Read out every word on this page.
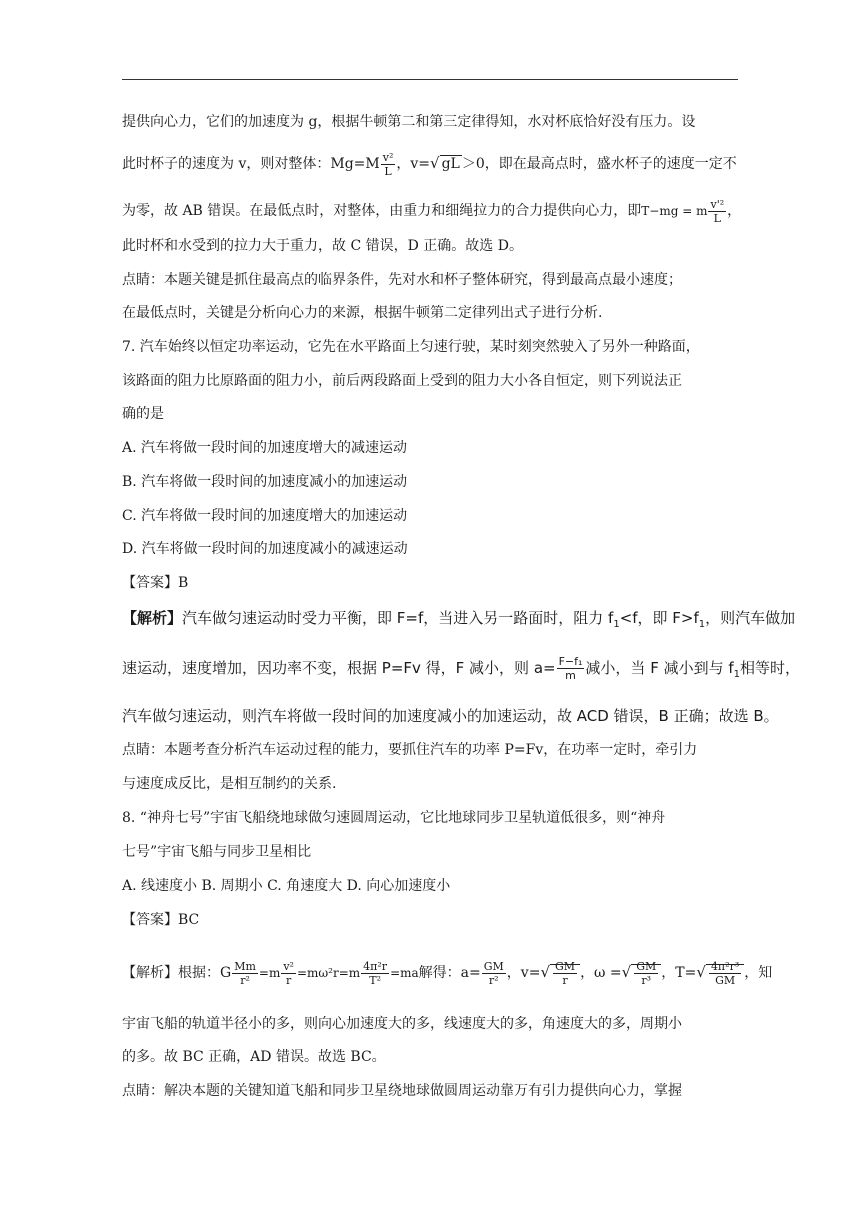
提供向心力，它们的加速度为 g，根据牛顿第二和第三定律得知，水对杯底恰好没有压力。设
此时杯子的速度为 v，则对整体：$Mg=M \frac{\text{v²}}{L}$ ，v=√ gL ＞0，即在最高点时，盛水杯子的速度一定不
为零，故 AB 错误。在最低点时，对整体，由重力和细绳拉力的合力提供向心力，即T−mg = m $\frac{\text{v'²}}{L}$ ，
此时杯和水受到的拉力大于重力，故 C 错误，D 正确。故选 D。
点睛：本题关键是抓住最高点的临界条件，先对水和杯子整体研究，得到最高点最小速度；
在最低点时，关键是分析向心力的来源，根据牛顿第二定律列出式子进行分析.
7. 汽车始终以恒定功率运动，它先在水平路面上匀速行驶，某时刻突然驶入了另外一种路面，
该路面的阻力比原路面的阻力小，前后两段路面上受到的阻力大小各自恒定，则下列说法正
确的是
A. 汽车将做一段时间的加速度增大的减速运动
B. 汽车将做一段时间的加速度减小的加速运动
C. 汽车将做一段时间的加速度增大的加速运动
D. 汽车将做一段时间的加速度减小的减速运动
【答案】B
【解析】汽车做匀速运动时受力平衡，即 F=f，当进入另一路面时，阻力 $f_1<f$，即 $F>f_1$，则汽车做加
速运动，速度增加，因功率不变，根据 P=Fv 得，F 减小，则 $a= \frac{\text{F−f₁}}{m}$ 减小，当 F 减小到与 $f_1$相等时，
汽车做匀速运动，则汽车将做一段时间的加速度减小的加速运动，故 ACD 错误，B 正确；故选 B。
点睛：本题考查分析汽车运动过程的能力，要抓住汽车的功率 P=Fv，在功率一定时，牵引力
与速度成反比，是相互制约的关系.
8. “神舟七号”宇宙飞船绕地球做匀速圆周运动，它比地球同步卫星轨道低很多，则“神舟
七号”宇宙飞船与同步卫星相比
A. 线速度小 B. 周期小 C. 角速度大 D. 向心加速度小
【答案】BC
【解析】根据：G $\frac{Mm}{\text{r²}} =m \frac{\text{v²}}{r} =m\omega^2r=m \frac{\text{4π²r}}{\text{T²}} =ma$解得：$a= \frac{GM}{\text{r²}}$ ，$v=√ \frac{GM}{r}$ ，ω =√ $\frac{GM}{\text{r³}}$ ，$T=√ \frac{\text{4π²r³}}{GM}$ ，知
宇宙飞船的轨道半径小的多，则向心加速度大的多，线速度大的多，角速度大的多，周期小
的多。故 BC 正确，AD 错误。故选 BC。
点睛：解决本题的关键知道飞船和同步卫星绕地球做圆周运动靠万有引力提供向心力，掌握
